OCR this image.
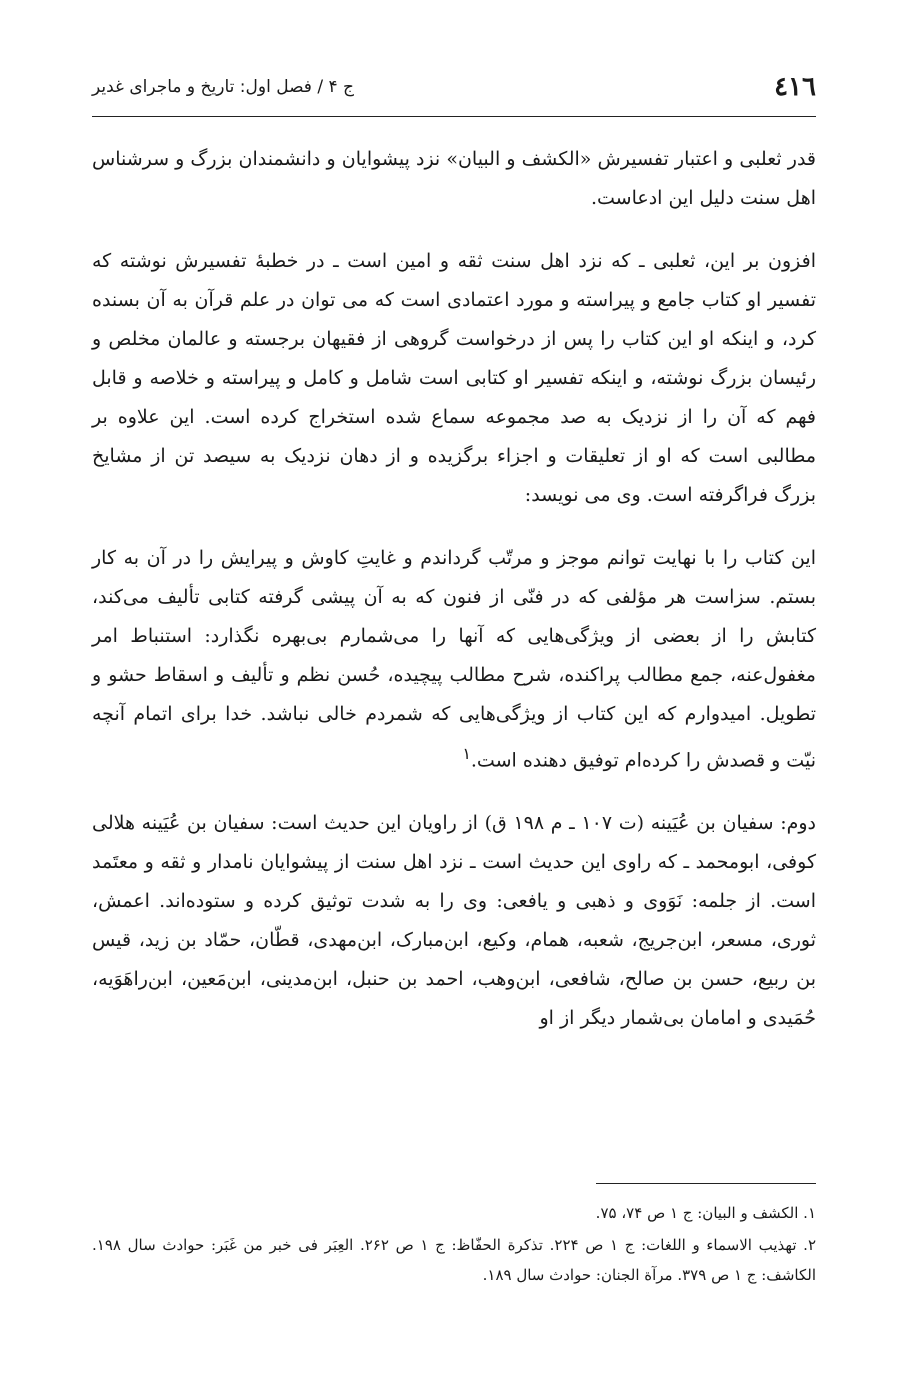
٤١٦
ج ۴ / فصل اول: تاریخ و ماجرای غدیر

قدر ثعلبی و اعتبار تفسیرش «الکشف و البیان» نزد پیشوایان و دانشمندان بزرگ و سرشناس اهل سنت دلیل این ادعاست.

افزون بر این، ثعلبی ـ که نزد اهل سنت ثقه و امین است ـ در خطبهٔ تفسیرش نوشته که تفسیر او کتاب جامع و پیراسته و مورد اعتمادی است که می توان در علم قرآن به آن بسنده کرد، و اینکه او این کتاب را پس از درخواست گروهی از فقیهان برجسته و عالمان مخلص و رئیسان بزرگ نوشته، و اینکه تفسیر او کتابی است شامل و کامل و پیراسته و خلاصه و قابل فهم که آن را از نزدیک به صد مجموعه سماع شده استخراج کرده است. این علاوه بر مطالبی است که او از تعلیقات و اجزاء برگزیده و از دهان نزدیک به سیصد تن از مشایخ بزرگ فراگرفته است. وی می نویسد:

این کتاب را با نهایت توانم موجز و مرتّب گرداندم و غایتِ کاوش و پیرایش را در آن به کار بستم. سزاست هر مؤلفی که در فنّی از فنون که به آن پیشی گرفته کتابی تألیف می‌کند، کتابش را از بعضی از ویژگی‌هایی که آنها را می‌شمارم بی‌بهره نگذارد: استنباط امر مغفول‌عنه، جمع مطالب پراکنده، شرح مطالب پیچیده، حُسن نظم و تألیف و اسقاط حشو و تطویل. امیدوارم که این کتاب از ویژگی‌هایی که شمردم خالی نباشد. خدا برای اتمام آنچه نیّت و قصدش را کرده‌ام توفیق دهنده است.$^١$

دوم: سفیان بن عُیَینه (ت ١٠٧ ـ م ١٩٨ ق) از راویان این حدیث است: سفیان بن عُیَینه هلالی کوفی، ابومحمد ـ که راوی این حدیث است ـ نزد اهل سنت از پیشوایان نامدار و ثقه و معتَمد است. از جلمه: نَوَوی و ذهبی و یافعی: وی را به شدت توثیق کرده و ستوده‌اند. اعمش، ثوری، مسعر، ابن‌جریج، شعبه، همام، وکیع، ابن‌مبارک، ابن‌مهدی، قطّان، حمّاد بن زید، قیس بن ربیع، حسن بن صالح، شافعی، ابن‌وهب، احمد بن حنبل، ابن‌مدینی، ابن‌مَعین، ابن‌راهَوَیه، حُمَیدی و امامان بی‌شمار دیگر از او

١. الکشف و البیان: ج ١ ص ٧۴، ٧۵.

٢. تهذیب الاسماء و اللغات: ج ١ ص ٢٢۴. تذکرة الحفّاظ: ج ١ ص ٢۶٢. العِبَر فی خبر من غَبَر: حوادث سال ١٩٨. الکاشف: ج ١ ص ٣٧٩. مرآة الجنان: حوادث سال ١٨٩.
